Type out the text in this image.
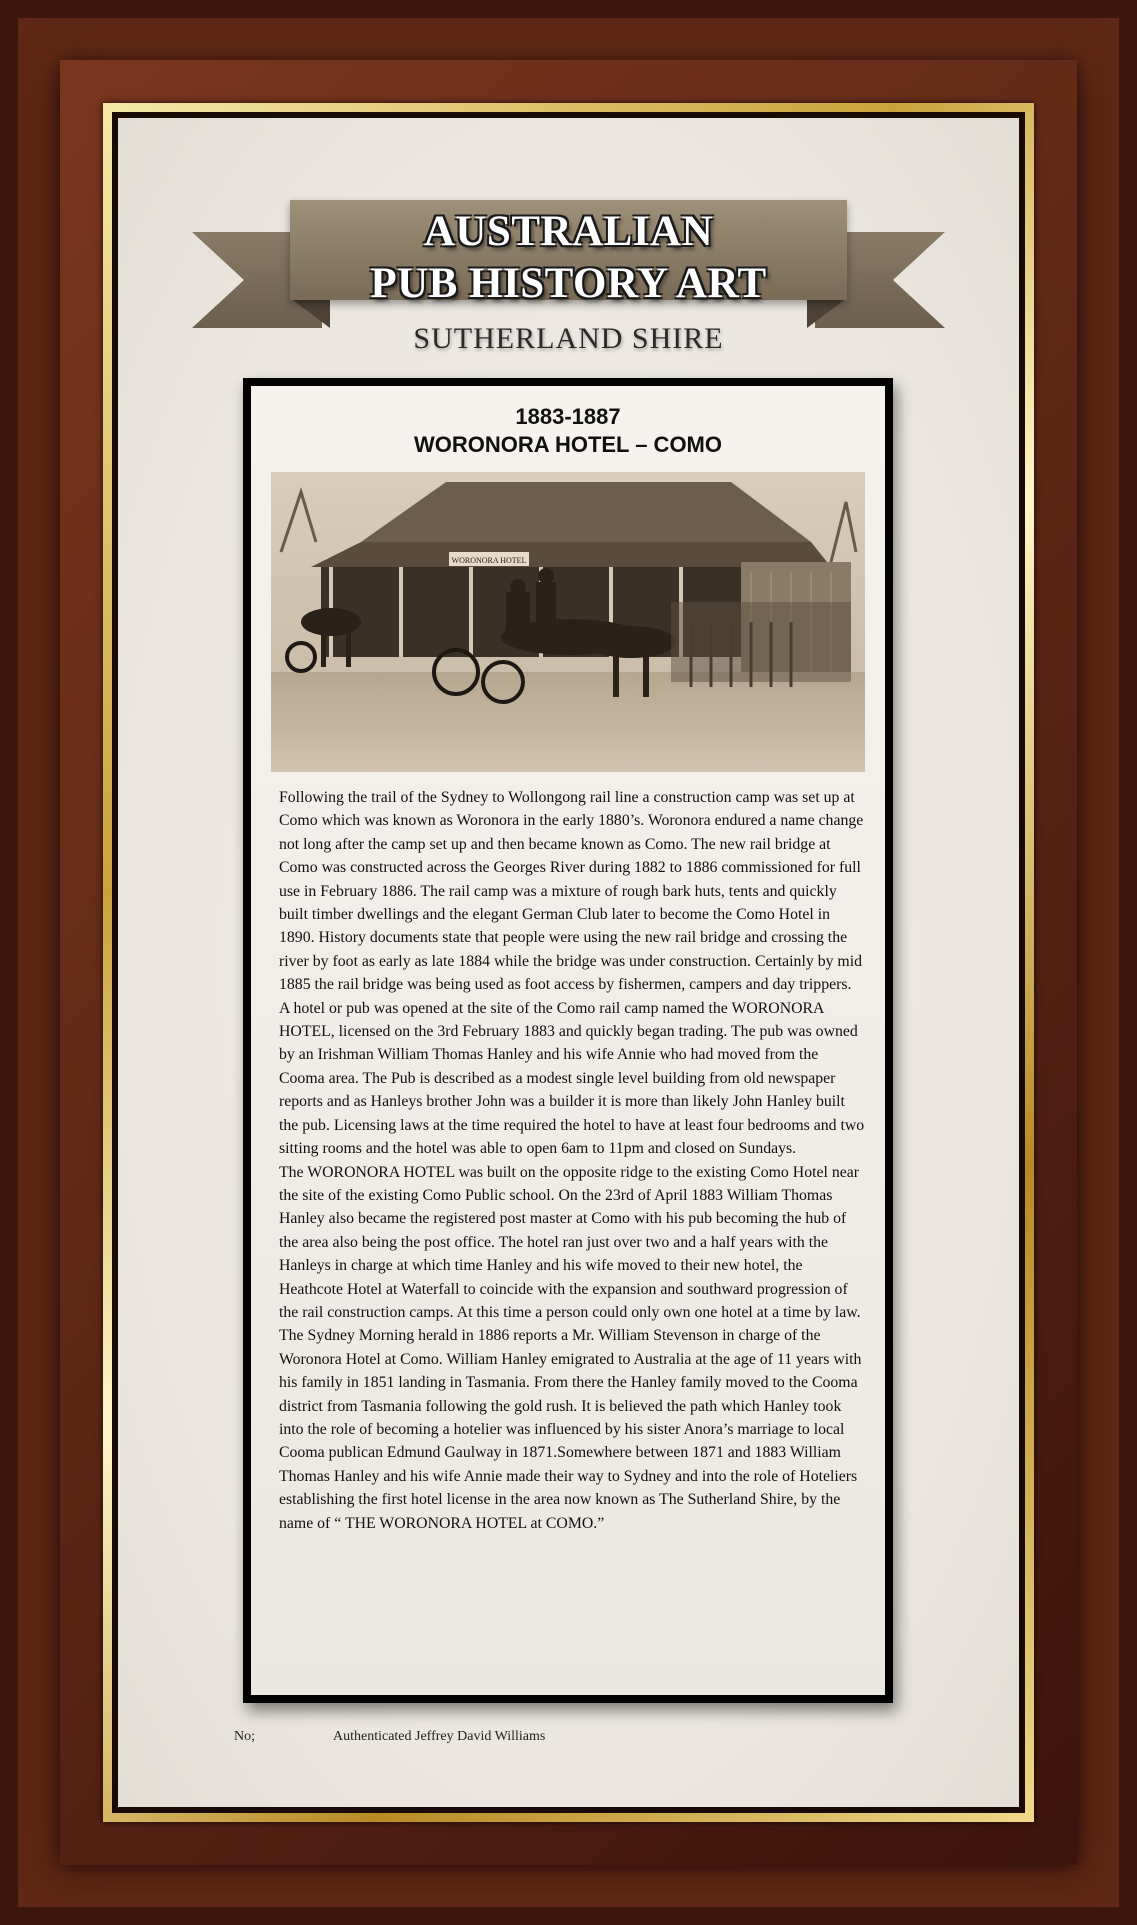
AUSTRALIAN
PUB HISTORY ART
SUTHERLAND SHIRE
1883-1887
WORONORA HOTEL – COMO
WORONORA HOTEL

Following the trail of the Sydney to Wollongong rail line a construction camp was set up at Como which was known as Woronora in the early 1880’s. Woronora endured a name change not long after the camp set up and then became known as Como. The new rail bridge at Como was constructed across the Georges River during 1882 to 1886 commissioned for full use in February 1886. The rail camp was a mixture of rough bark huts, tents and quickly built timber dwellings and the elegant German Club later to become the Como Hotel in 1890. History documents state that people were using the new rail bridge and crossing the river by foot as early as late 1884 while the bridge was under construction. Certainly by mid 1885 the rail bridge was being used as foot access by fishermen, campers and day trippers.

A hotel or pub was opened at the site of the Como rail camp named the WORONORA HOTEL, licensed on the 3rd February 1883 and quickly began trading. The pub was owned by an Irishman William Thomas Hanley and his wife Annie who had moved from the Cooma area. The Pub is described as a modest single level building from old newspaper reports and as Hanleys brother John was a builder it is more than likely John Hanley built the pub. Licensing laws at the time required the hotel to have at least four bedrooms and two sitting rooms and the hotel was able to open 6am to 11pm and closed on Sundays.

The WORONORA HOTEL was built on the opposite ridge to the existing Como Hotel near the site of the existing Como Public school. On the 23rd of April 1883 William Thomas Hanley also became the registered post master at Como with his pub becoming the hub of the area also being the post office. The hotel ran just over two and a half years with the Hanleys in charge at which time Hanley and his wife moved to their new hotel, the Heathcote Hotel at Waterfall to coincide with the expansion and southward progression of the rail construction camps. At this time a person could only own one hotel at a time by law. The Sydney Morning herald in 1886 reports a Mr. William Stevenson in charge of the Woronora Hotel at Como. William Hanley emigrated to Australia at the age of 11 years with his family in 1851 landing in Tasmania. From there the Hanley family moved to the Cooma district from Tasmania following the gold rush. It is believed the path which Hanley took into the role of becoming a hotelier was influenced by his sister Anora’s marriage to local Cooma publican Edmund Gaulway in 1871.Somewhere between 1871 and 1883 William Thomas Hanley and his wife Annie made their way to Sydney and into the role of Hoteliers establishing the first hotel license in the area now known as The Sutherland Shire, by the name of “ THE WORONORA HOTEL at COMO.”

No;	Authenticated Jeffrey David Williams
